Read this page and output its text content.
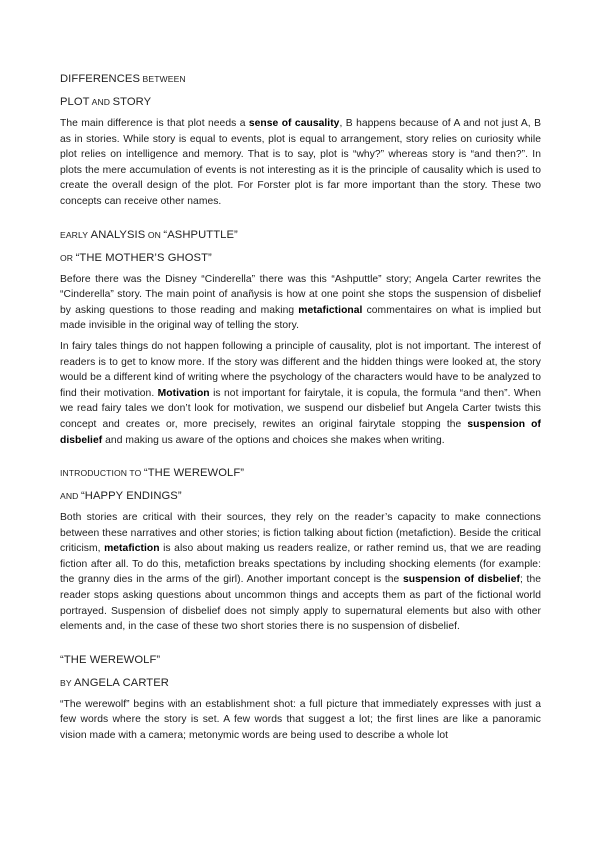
DIFFERENCES BETWEEN

PLOT AND STORY

The main difference is that plot needs a sense of causality, B happens because of A and not just A, B as in stories. While story is equal to events, plot is equal to arrangement, story relies on curiosity while plot relies on intelligence and memory. That is to say, plot is “why?” whereas story is “and then?”. In plots the mere accumulation of events is not interesting as it is the principle of causality which is used to create the overall design of the plot. For Forster plot is far more important than the story. These two concepts can receive other names.

EARLY ANALYSIS ON “ASHPUTTLE”

OR “THE MOTHER’S GHOST”

Before there was the Disney “Cinderella” there was this “Ashputtle” story; Angela Carter rewrites the “Cinderella” story. The main point of anañysis is how at one point she stops the suspension of disbelief by asking questions to those reading and making metafictional commentaires on what is implied but made invisible in the original way of telling the story.

In fairy tales things do not happen following a principle of causality, plot is not important. The interest of readers is to get to know more. If the story was different and the hidden things were looked at, the story would be a different kind of writing where the psychology of the characters would have to be analyzed to find their motivation. Motivation is not important for fairytale, it is copula, the formula “and then”. When we read fairy tales we don’t look for motivation, we suspend our disbelief but Angela Carter twists this concept and creates or, more precisely, rewites an original fairytale stopping the suspension of disbelief and making us aware of the options and choices she makes when writing.

INTRODUCTION TO “THE WEREWOLF”

AND “HAPPY ENDINGS”

Both stories are critical with their sources, they rely on the reader’s capacity to make connections between these narratives and other stories; is fiction talking about fiction (metafiction). Beside the critical criticism, metafiction is also about making us readers realize, or rather remind us, that we are reading fiction after all. To do this, metafiction breaks spectations by including shocking elements (for example: the granny dies in the arms of the girl). Another important concept is the suspension of disbelief; the reader stops asking questions about uncommon things and accepts them as part of the fictional world portrayed. Suspension of disbelief does not simply apply to supernatural elements but also with other elements and, in the case of these two short stories there is no suspension of disbelief.

“THE WEREWOLF”

BY ANGELA CARTER

“The werewolf” begins with an establishment shot: a full picture that immediately expresses with just a few words where the story is set. A few words that suggest a lot; the first lines are like a panoramic vision made with a camera; metonymic words are being used to describe a whole lot
